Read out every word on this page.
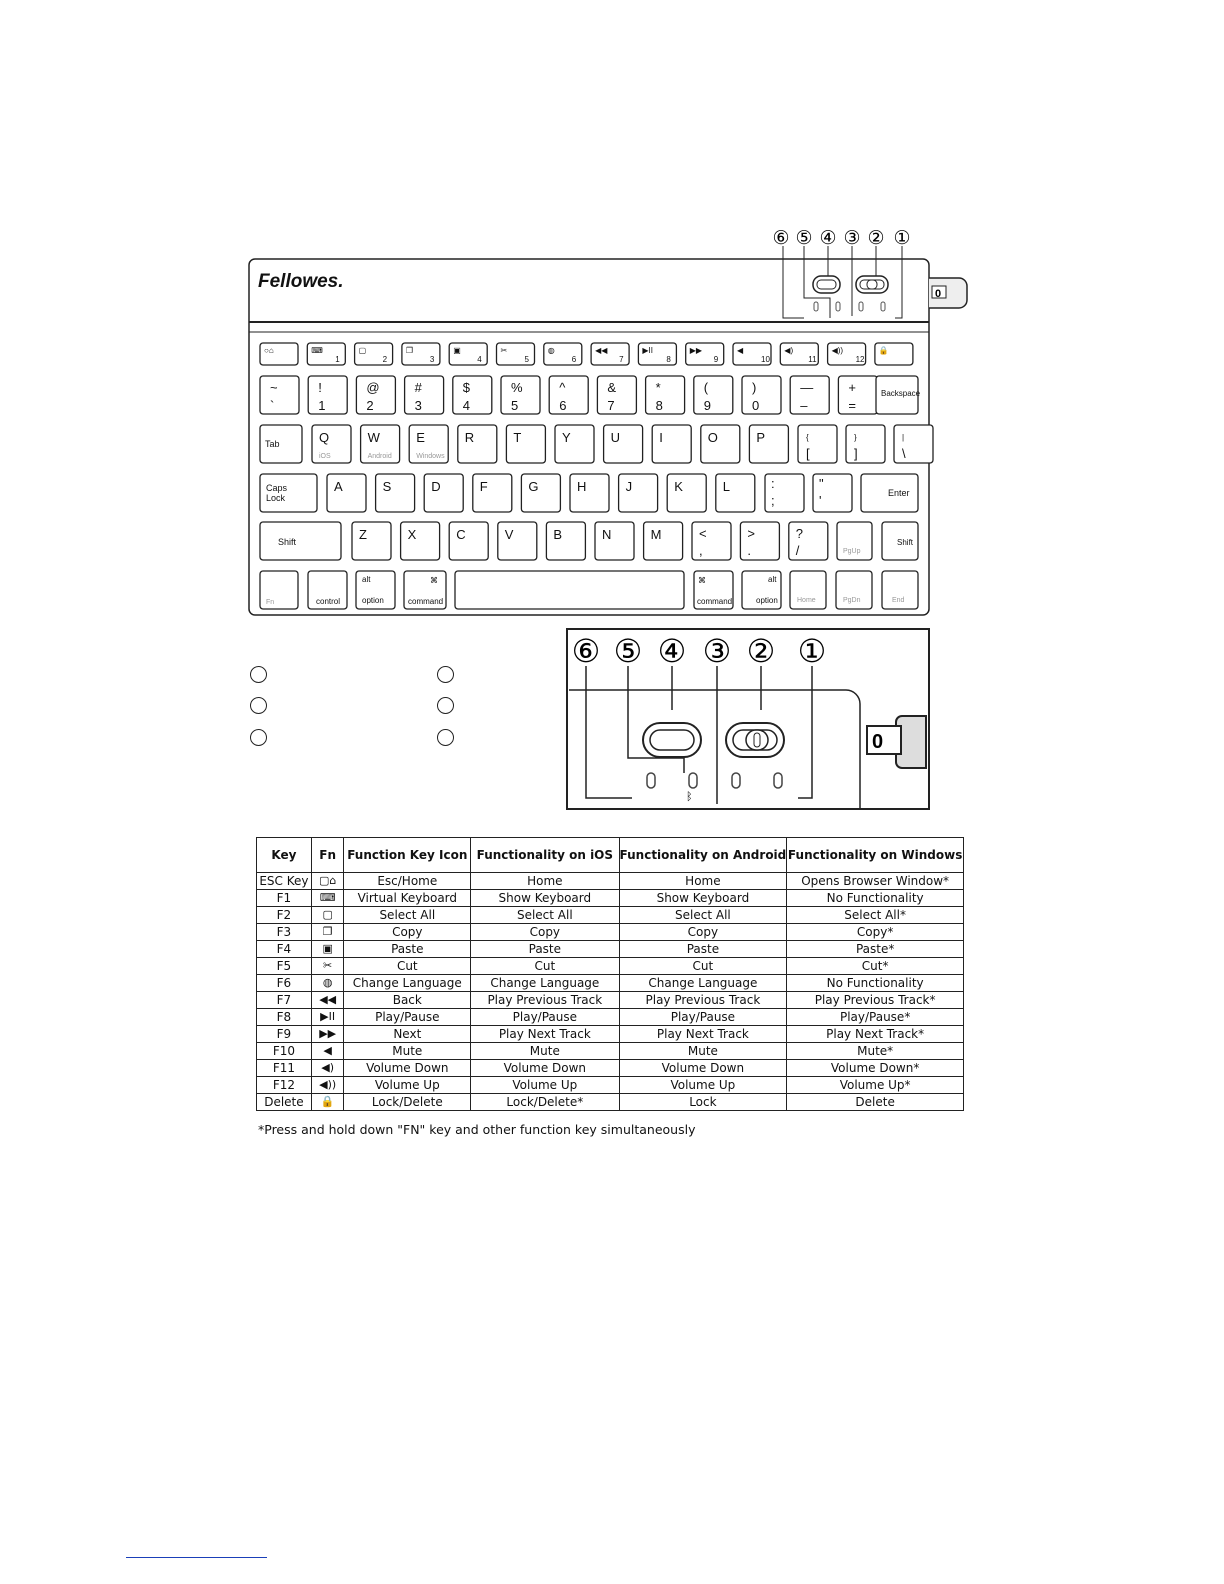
⑥ ⑤ ④ ③ ② ①
Fellowes.
0
○⌂	⌨
1
▢
2
❐
3
▣
4
✂
5
◍
6
◀◀
7
▶II
8
▶▶
9
◀
10
◀)
11
◀))
12
🔒
~
`
!
1
@
2
#
3
$
4
%
5
^
6
&
7
*
8
(
9
)
0
—
–
+
=
Backspace
Tab	Q
iOS
W
Android
E
Windows
R	T	Y	U	I	O	P	{
[
}
]
|
\
Caps
Lock
A	S	D	F	G	H	J	K	L	:
;
"
'	Enter
Shift	Z	X	C	V	B	N	M	<
,
>
.
?
/	PgUp
Shift
Fn	control
alt
option
⌘
command
⌘
command
alt
option	Home	PgDn	End
⑥ ⑤ ④ ③ ② ①
ᛒ
0
Key	Fn	Function Key Icon	Functionality on iOS	Functionality on Android	Functionality on Windows
ESC Key	▢⌂	Esc/Home	Home	Home	Opens Browser Window*
F1	⌨	Virtual Keyboard	Show Keyboard	Show Keyboard	No Functionality
F2	▢	Select All	Select All	Select All	Select All*
F3	❐	Copy	Copy	Copy	Copy*
F4	▣	Paste	Paste	Paste	Paste*
F5	✂	Cut	Cut	Cut	Cut*
F6	◍	Change Language	Change Language	Change Language	No Functionality
F7	◀◀	Back	Play Previous Track	Play Previous Track	Play Previous Track*
F8	▶II	Play/Pause	Play/Pause	Play/Pause	Play/Pause*
F9	▶▶	Next	Play Next Track	Play Next Track	Play Next Track*
F10	◀	Mute	Mute	Mute	Mute*
F11	◀)	Volume Down	Volume Down	Volume Down	Volume Down*
F12	◀))	Volume Up	Volume Up	Volume Up	Volume Up*
Delete	🔒	Lock/Delete	Lock/Delete*	Lock	Delete
*Press and hold down "FN" key and other function key simultaneously
